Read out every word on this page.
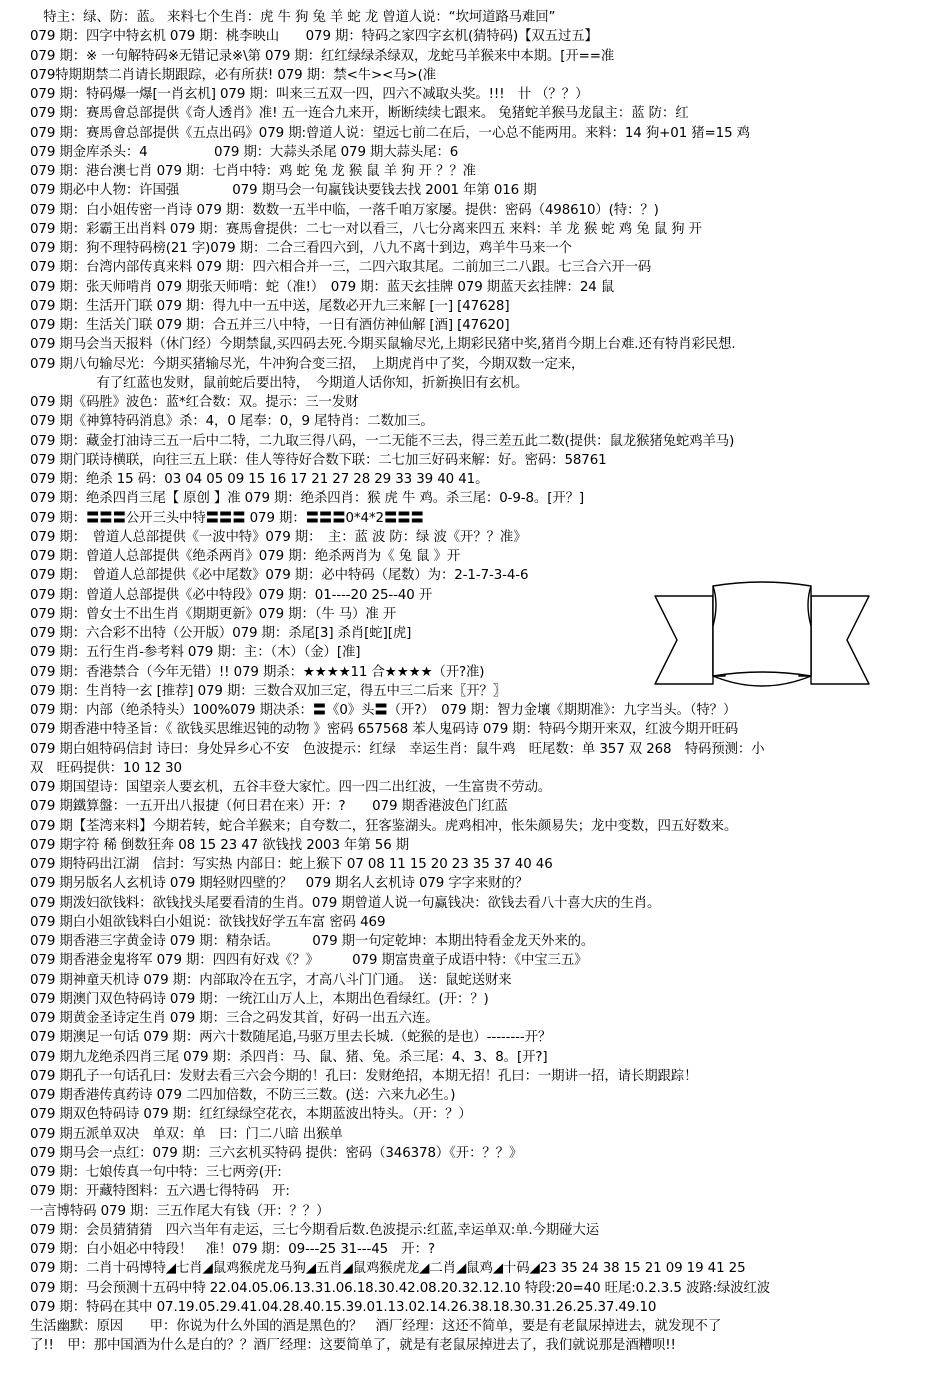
　特主：绿、防：蓝。 来料七个生肖：虎 牛 狗 兔 羊 蛇 龙 曾道人说：“坎坷道路马难回”
079 期：四字中特玄机 079 期：桃李映山　　079 期：特码之家四字玄机(猜特码)【双五过五】
079 期：※ 一句解特码※无错记录※\第 079 期：红红绿绿杀绿双，龙蛇马羊猴来中本期。[开==准
079特期期禁二肖请长期跟踪，必有所获! 079 期：禁<牛><马>(准
079 期：特码爆一爆[一肖玄机] 079 期：叫来三五双一四，四六不减取头奖。!!!　卄 （？？）
079 期：赛馬會总部提供《奇人透肖》准! 五一连合九来开，断断续续七跟来。 兔猪蛇羊猴马龙鼠主：蓝 防：红
079 期：赛馬會总部提供《五点出码》079 期:曾道人说：望远七前二在后，一心总不能两用。来料：14 狗+01 猪=15 鸡
079 期金库杀头：4　　　　　079 期：大蒜头杀尾 079 期大蒜头尾：6
079 期：港台澳七肖 079 期：七肖中特：鸡 蛇 兔 龙 猴 鼠 羊 狗 开 ？？准
079 期必中人物：许国强　　　　079 期马会一句赢钱诀要钱去找 2001 年第 016 期
079 期：白小姐传密一肖诗 079 期：数数一五半中临，一落千咱万家屡。提供：密码（498610）(特：？)
079 期：彩霸王出肖料 079 期：赛馬會提供：二七一对以看三，八七分离来四五 来料：羊 龙 猴 蛇 鸡 兔 鼠 狗 开
079 期：狗不理特码榜(21 字)079 期：二合三看四六到，八九不离十到边，鸡羊牛马来一个
079 期：台湾内部传真来料 079 期：四六相合并一三，二四六取其尾。二前加三二八跟。七三合六开一码
079 期：张天师啃肖 079 期张天师啃：蛇（准!）　079 期：蓝天玄挂牌 079 期蓝天玄挂牌：24 鼠
079 期：生活开门联 079 期：得九中一五中送，尾数必开九三来解 [一] [47628]
079 期：生活关门联 079 期：合五并三八中特，一日有酒仿神仙解 [酒] [47620]
079 期马会当天报料（休门经）今期禁鼠,买四码去死.今期买鼠输尽光,上期彩民猪中奖,猪肖今期上台难.还有特肖彩民想.
079 期八句输尽光：今期买猪输尽光，牛冲狗合变三招，　上期虎肖中了奖，今期双数一定来，
　　　　　有了红蓝也发财，鼠前蛇后要出特，　今期道人话你知，折新换旧有玄机。
079 期《码胜》波色：蓝*红合数：双。提示：三一发财
079 期《神算特码消息》杀：4，0 尾奉：0，9 尾特肖：二数加三。
079 期：藏金打油诗三五一后中二特，二九取三得八码，一二无能不三去，得三差五此二数(提供：鼠龙猴猪兔蛇鸡羊马)
079 期门联诗横联，向往三五上联：佳人等待好合数下联：二七加三好码来解：好。密码：58761
079 期：绝杀 15 码：03 04 05 09 15 16 17 21 27 28 29 33 39 40 41。
079 期：绝杀四肖三尾【 原创 】准 079 期：绝杀四肖：猴 虎 牛 鸡。杀三尾：0-9-8。[开？]
079 期：〓〓〓公开三头中特〓〓〓 079 期：〓〓〓0*4*2〓〓〓
079 期：　曾道人总部提供《一波中特》079 期：　主：蓝 波 防：绿 波《开？？准》
079 期：曾道人总部提供《绝杀两肖》079 期：绝杀两肖为《 兔 鼠 》开
079 期：　曾道人总部提供《必中尾数》079 期：必中特码（尾数）为：2-1-7-3-4-6
079 期：曾道人总部提供《必中特段》079 期：01----20 25--40 开
079 期：曾女士不出生肖《期期更新》079 期：（牛 马）准 开
079 期：六合彩不出特（公开版）079 期：杀尾[3] 杀肖[蛇][虎]
079 期：五行生肖-参考料 079 期：主：（木）（金）[准]
079 期：香港禁合（今年无错）!! 079 期杀：★★★★11 合★★★★（开?准)
079 期：生肖特一玄 [推荐] 079 期：三数合双加三定，得五中三二后来〖开？〗
079 期：内部（绝杀特头）100%079 期决杀：〓《0》头〓（开?）　079 期：智力金壤《期期准》：九字当头。（特？）
079 期香港中特圣旨：《 欲钱买思维迟钝的动物 》密码 657568 苯人鬼码诗 079 期：特码今期开来双，红波今期开旺码
079 期白姐特码信封 诗曰：身处异乡心不安　色波提示：红绿　幸运生肖：鼠牛鸡　旺尾数：单 357 双 268　特码预测：小
双　旺码提供：10 12 30
079 期国望诗：国望亲人要玄机，五谷丰登大家忙。四一四二出红波，一生富贵不劳动。
079 期鐵算盤：一五开出八报捷（何日君在来）开：?　　079 期香港波色门红蓝
079 期【荃湾来料】今期若转，蛇合羊猴来；自夸数二，狂客鉴湖头。虎鸡相冲，怅朱颜易失；龙中变数，四五好数来。
079 期字符 稀 倒数狂奔 08 15 23 47 欲钱找 2003 年第 56 期
079 期特码出江湖　信封：写实热 内部日：蛇上猴下 07 08 11 15 20 23 35 37 40 46
079 期另版名人玄机诗 079 期轻财四壁的？　079 期名人玄机诗 079 字字来财的？
079 期泼妇欲钱料：欲钱找头尾要看清的生肖。079 期曾道人说一句赢钱决：欲钱去看八十喜大庆的生肖。
079 期白小姐欲钱料白小姐说：欲钱找好学五车富 密码 469
079 期香港三字黄金诗 079 期：精杂话。　　　079 期一句定乾坤：本期出特看金龙天外来的。
079 期香港金鬼将军 079 期：四四有好戏《？》　　　079 期富贵童子成语中特：《中宝三五》
079 期神童天机诗 079 期：内部取冷在五字，才高八斗门门通。　送：鼠蛇送财来
079 期澳门双色特码诗 079 期：一统江山万人上，本期出色看绿红。(开：？)
079 期黄金圣诗定生肖 079 期：三合之码发其首，好码一出五六连。
079 期澳足一句话 079 期：两六十数随尾追,马驱万里去长城.（蛇猴的是也）--------开？
079 期九龙绝杀四肖三尾 079 期：杀四肖：马、鼠、猪、兔。杀三尾：4、3、8。[开?]
079 期孔子一句话孔曰：发财去看三六会今期的！孔曰：发财绝招，本期无招！孔曰：一期讲一招，请长期跟踪！
079 期香港传真药诗 079 二四加倍数，不防三三数。(送：六来九必生。)
079 期双色特码诗 079 期：红红绿绿空花衣，本期蓝波出特头。（开：？）
079 期五派单双决　单双：单　曰：门二八暗 出猴单
079 期马会一点红：079 期：三六玄机买特码 提供：密码（346378）《开：？？》
079 期：七娘传真一句中特：三七两旁(开:
079 期：开藏特图料：五六遇七得特码　开:
一言博特码 079 期：三五作尾大有钱（开：？？）
079 期：会员猜猜猜　四六当年有走运，三七今期看后数.色波提示:红蓝,幸运单双:单.今期碰大运
079 期：白小姐必中特段！　准！079 期：09---25 31---45　开：?
079 期：二肖十码博特◢七肖◢鼠鸡猴虎龙马狗◢五肖◢鼠鸡猴虎龙◢二肖◢鼠鸡◢十码◢23 35 24 38 15 21 09 19 41 25
079 期：马会预测十五码中特 22.04.05.06.13.31.06.18.30.42.08.20.32.12.10 特段:20=40 旺尾:0.2.3.5 波路:绿波红波
079 期：特码在其中 07.19.05.29.41.04.28.40.15.39.01.13.02.14.26.38.18.30.31.26.25.37.49.10
生活幽默：原因　　甲：你说为什么外国的酒是黑色的？　酒厂经理：这还不简单，要是有老鼠尿掉进去，就发现不了
了!!　甲：那中国酒为什么是白的？？酒厂经理：这要简单了，就是有老鼠尿掉进去了，我们就说那是酒糟呗!!
